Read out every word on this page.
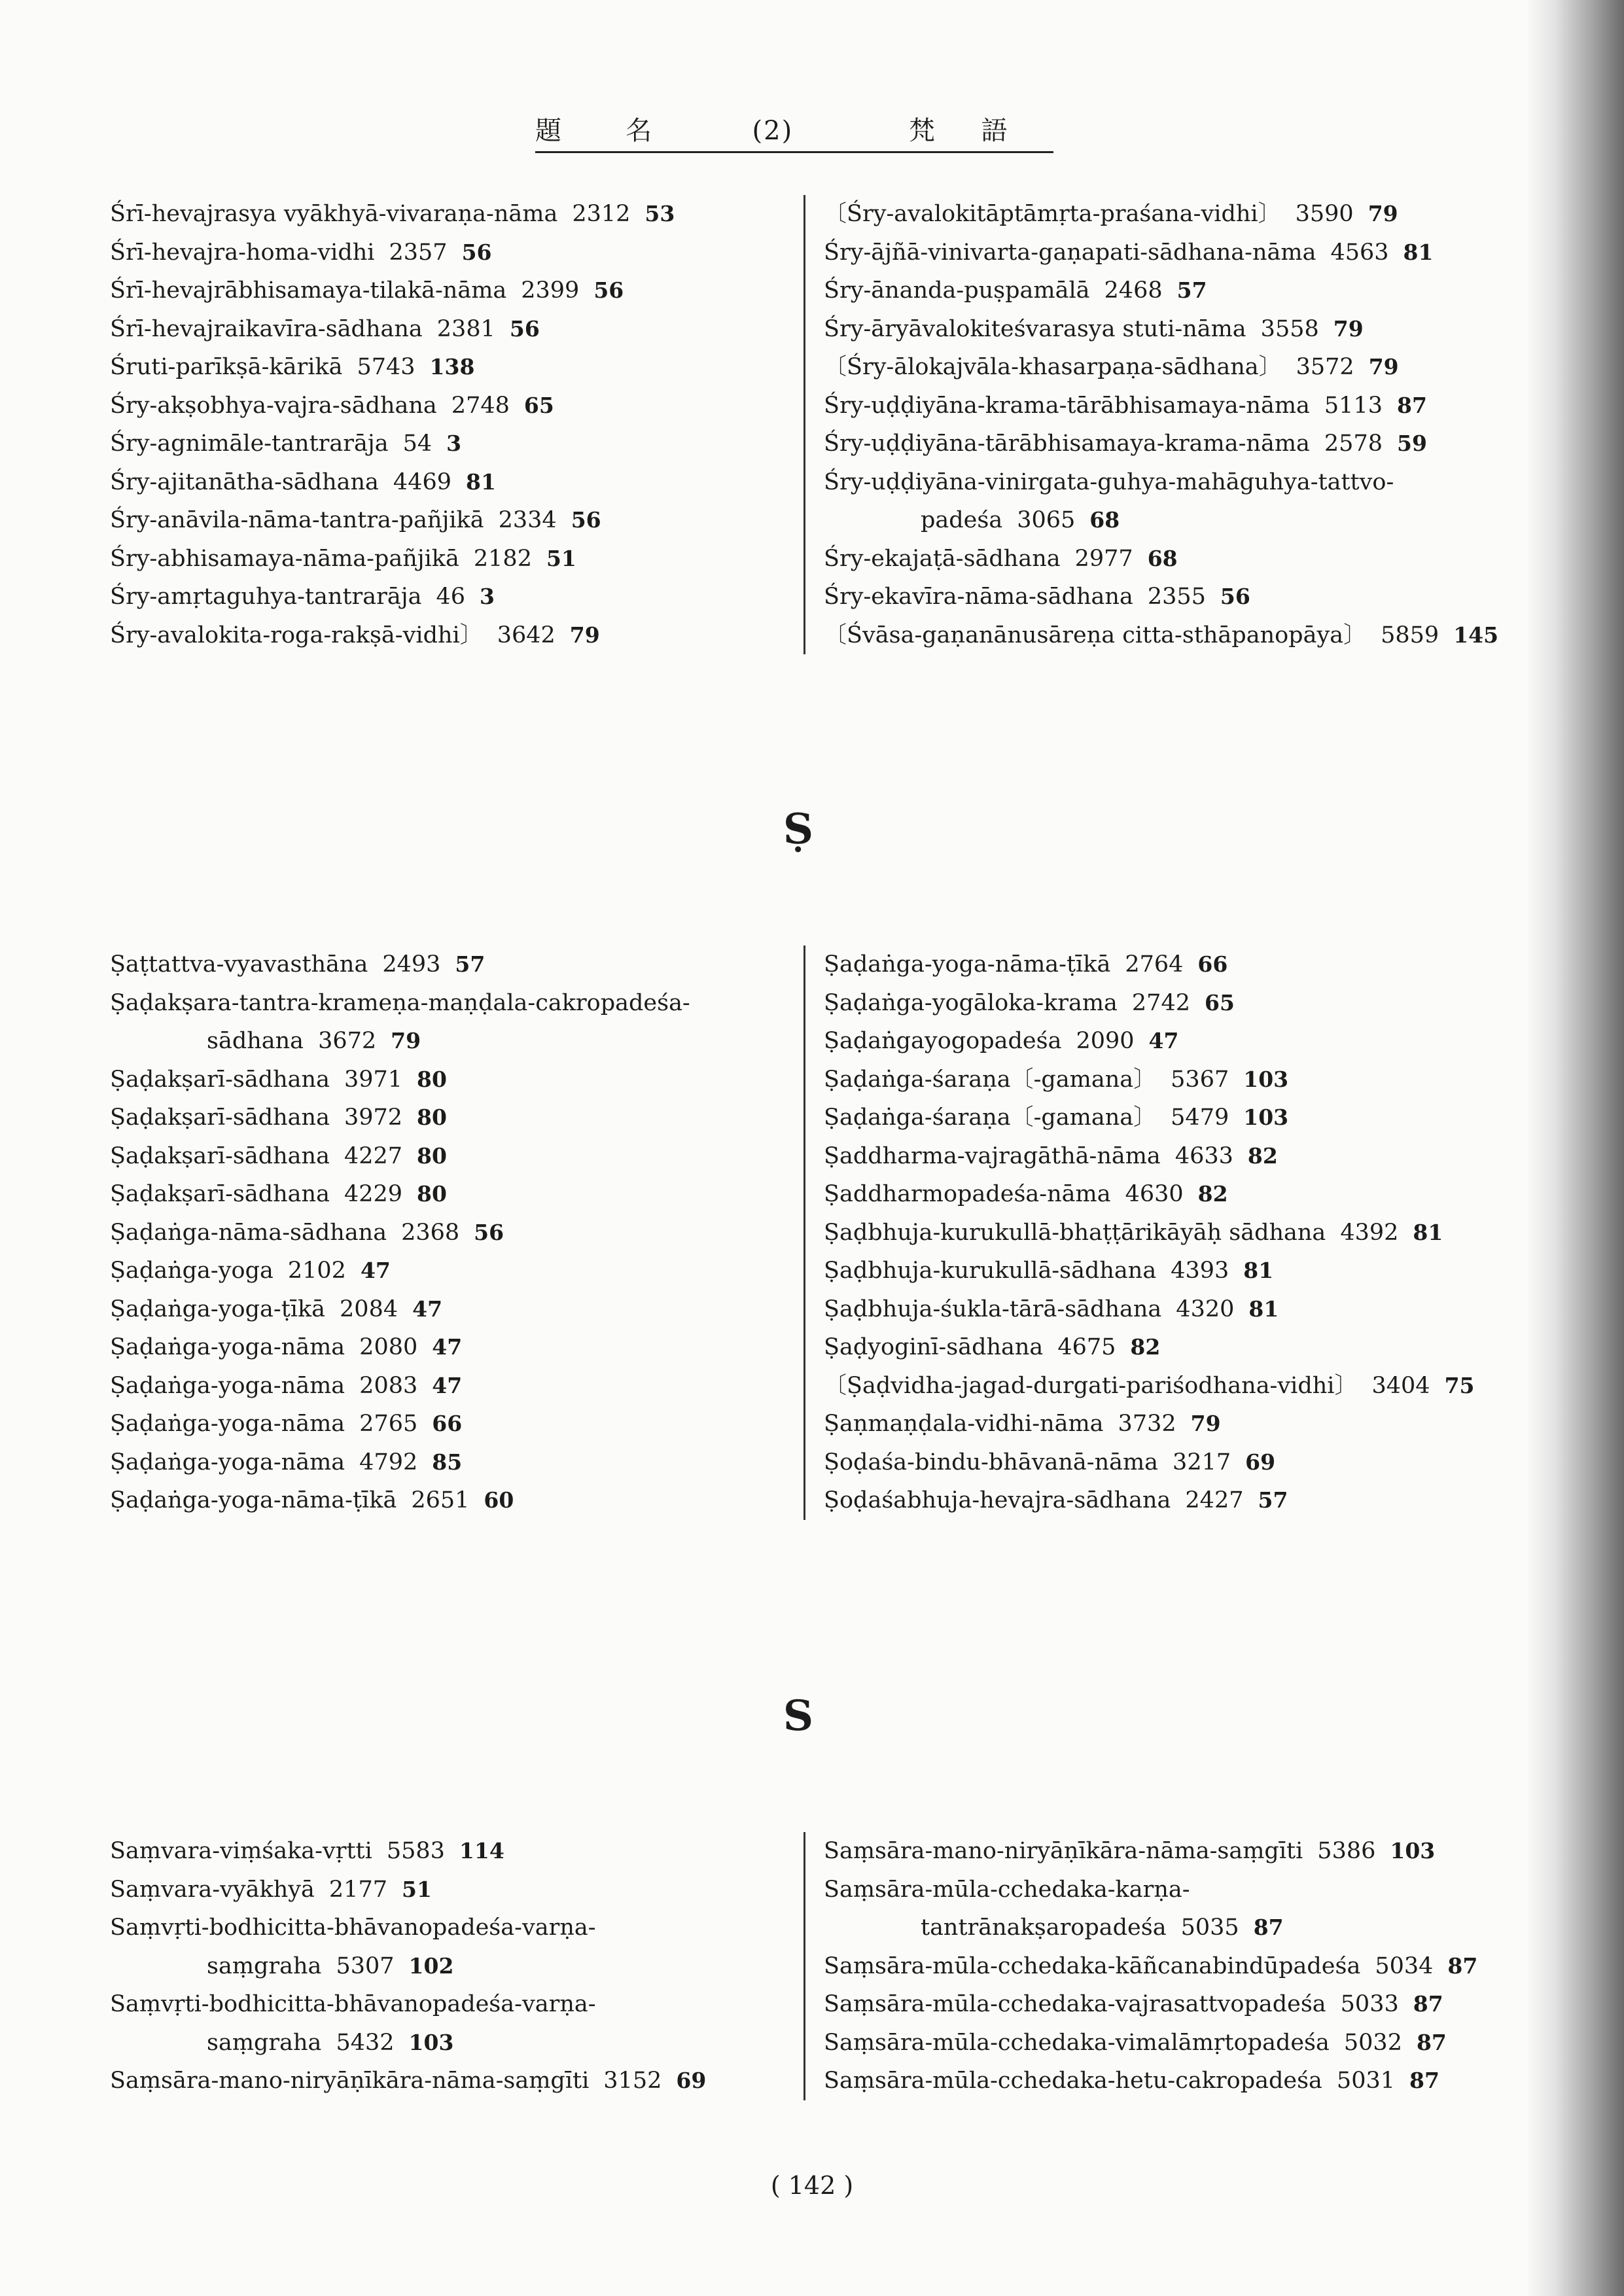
題	名	(2)	梵	語
Śrī-hevajrasya vyākhyā-vivaraṇa-nāma 2312 53
Śrī-hevajra-homa-vidhi 2357 56
Śrī-hevajrābhisamaya-tilakā-nāma 2399 56
Śrī-hevajraikavīra-sādhana 2381 56
Śruti-parīkṣā-kārikā 5743 138
Śry-akṣobhya-vajra-sādhana 2748 65
Śry-agnimāle-tantrarāja 54 3
Śry-ajitanātha-sādhana 4469 81
Śry-anāvila-nāma-tantra-pañjikā 2334 56
Śry-abhisamaya-nāma-pañjikā 2182 51
Śry-amṛtaguhya-tantrarāja 46 3
Śry-avalokita-roga-rakṣā-vidhi〕 3642 79
〔Śry-avalokitāptāmṛta-praśana-vidhi〕 3590 79
Śry-ājñā-vinivarta-gaṇapati-sādhana-nāma 4563 81
Śry-ānanda-puṣpamālā 2468 57
Śry-āryāvalokiteśvarasya stuti-nāma 3558 79
〔Śry-ālokajvāla-khasarpaṇa-sādhana〕 3572 79
Śry-uḍḍiyāna-krama-tārābhisamaya-nāma 5113 87
Śry-uḍḍiyāna-tārābhisamaya-krama-nāma 2578 59
Śry-uḍḍiyāna-vinirgata-guhya-mahāguhya-tattvo-padeśa 3065 68
Śry-ekajaṭā-sādhana 2977 68
Śry-ekavīra-nāma-sādhana 2355 56
〔Śvāsa-gaṇanānusāreṇa citta-sthāpanopāya〕 5859 145
Ṣ
Ṣaṭtattva-vyavasthāna 2493 57
Ṣaḍakṣara-tantra-krameṇa-maṇḍala-cakropadeśa-sādhana 3672 79
Ṣaḍakṣarī-sādhana 3971 80
Ṣaḍakṣarī-sādhana 3972 80
Ṣaḍakṣarī-sādhana 4227 80
Ṣaḍakṣarī-sādhana 4229 80
Ṣaḍaṅga-nāma-sādhana 2368 56
Ṣaḍaṅga-yoga 2102 47
Ṣaḍaṅga-yoga-ṭīkā 2084 47
Ṣaḍaṅga-yoga-nāma 2080 47
Ṣaḍaṅga-yoga-nāma 2083 47
Ṣaḍaṅga-yoga-nāma 2765 66
Ṣaḍaṅga-yoga-nāma 4792 85
Ṣaḍaṅga-yoga-nāma-ṭīkā 2651 60
Ṣaḍaṅga-yoga-nāma-ṭīkā 2764 66
Ṣaḍaṅga-yogāloka-krama 2742 65
Ṣaḍaṅgayogopadeśa 2090 47
Ṣaḍaṅga-śaraṇa〔-gamana〕 5367 103
Ṣaḍaṅga-śaraṇa〔-gamana〕 5479 103
Ṣaddharma-vajragāthā-nāma 4633 82
Ṣaddharmopadeśa-nāma 4630 82
Ṣaḍbhuja-kurukullā-bhaṭṭārikāyāḥ sādhana 4392 81
Ṣaḍbhuja-kurukullā-sādhana 4393 81
Ṣaḍbhuja-śukla-tārā-sādhana 4320 81
Ṣaḍyoginī-sādhana 4675 82
〔Ṣaḍvidha-jagad-durgati-pariśodhana-vidhi〕 3404 75
Ṣaṇmaṇḍala-vidhi-nāma 3732 79
Ṣoḍaśa-bindu-bhāvanā-nāma 3217 69
Ṣoḍaśabhuja-hevajra-sādhana 2427 57
S
Saṃvara-viṃśaka-vṛtti 5583 114
Saṃvara-vyākhyā 2177 51
Saṃvṛti-bodhicitta-bhāvanopadeśa-varṇa-saṃgraha 5307 102
Saṃvṛti-bodhicitta-bhāvanopadeśa-varṇa-saṃgraha 5432 103
Saṃsāra-mano-niryāṇīkāra-nāma-saṃgīti 3152 69
Saṃsāra-mano-niryāṇīkāra-nāma-saṃgīti 5386 103
Saṃsāra-mūla-cchedaka-karṇa-tantrānakṣaropadeśa 5035 87
Saṃsāra-mūla-cchedaka-kāñcanabindūpadeśa 5034 87
Saṃsāra-mūla-cchedaka-vajrasattvopadeśa 5033 87
Saṃsāra-mūla-cchedaka-vimalāmṛtopadeśa 5032 87
Saṃsāra-mūla-cchedaka-hetu-cakropadeśa 5031 87
( 142 )
